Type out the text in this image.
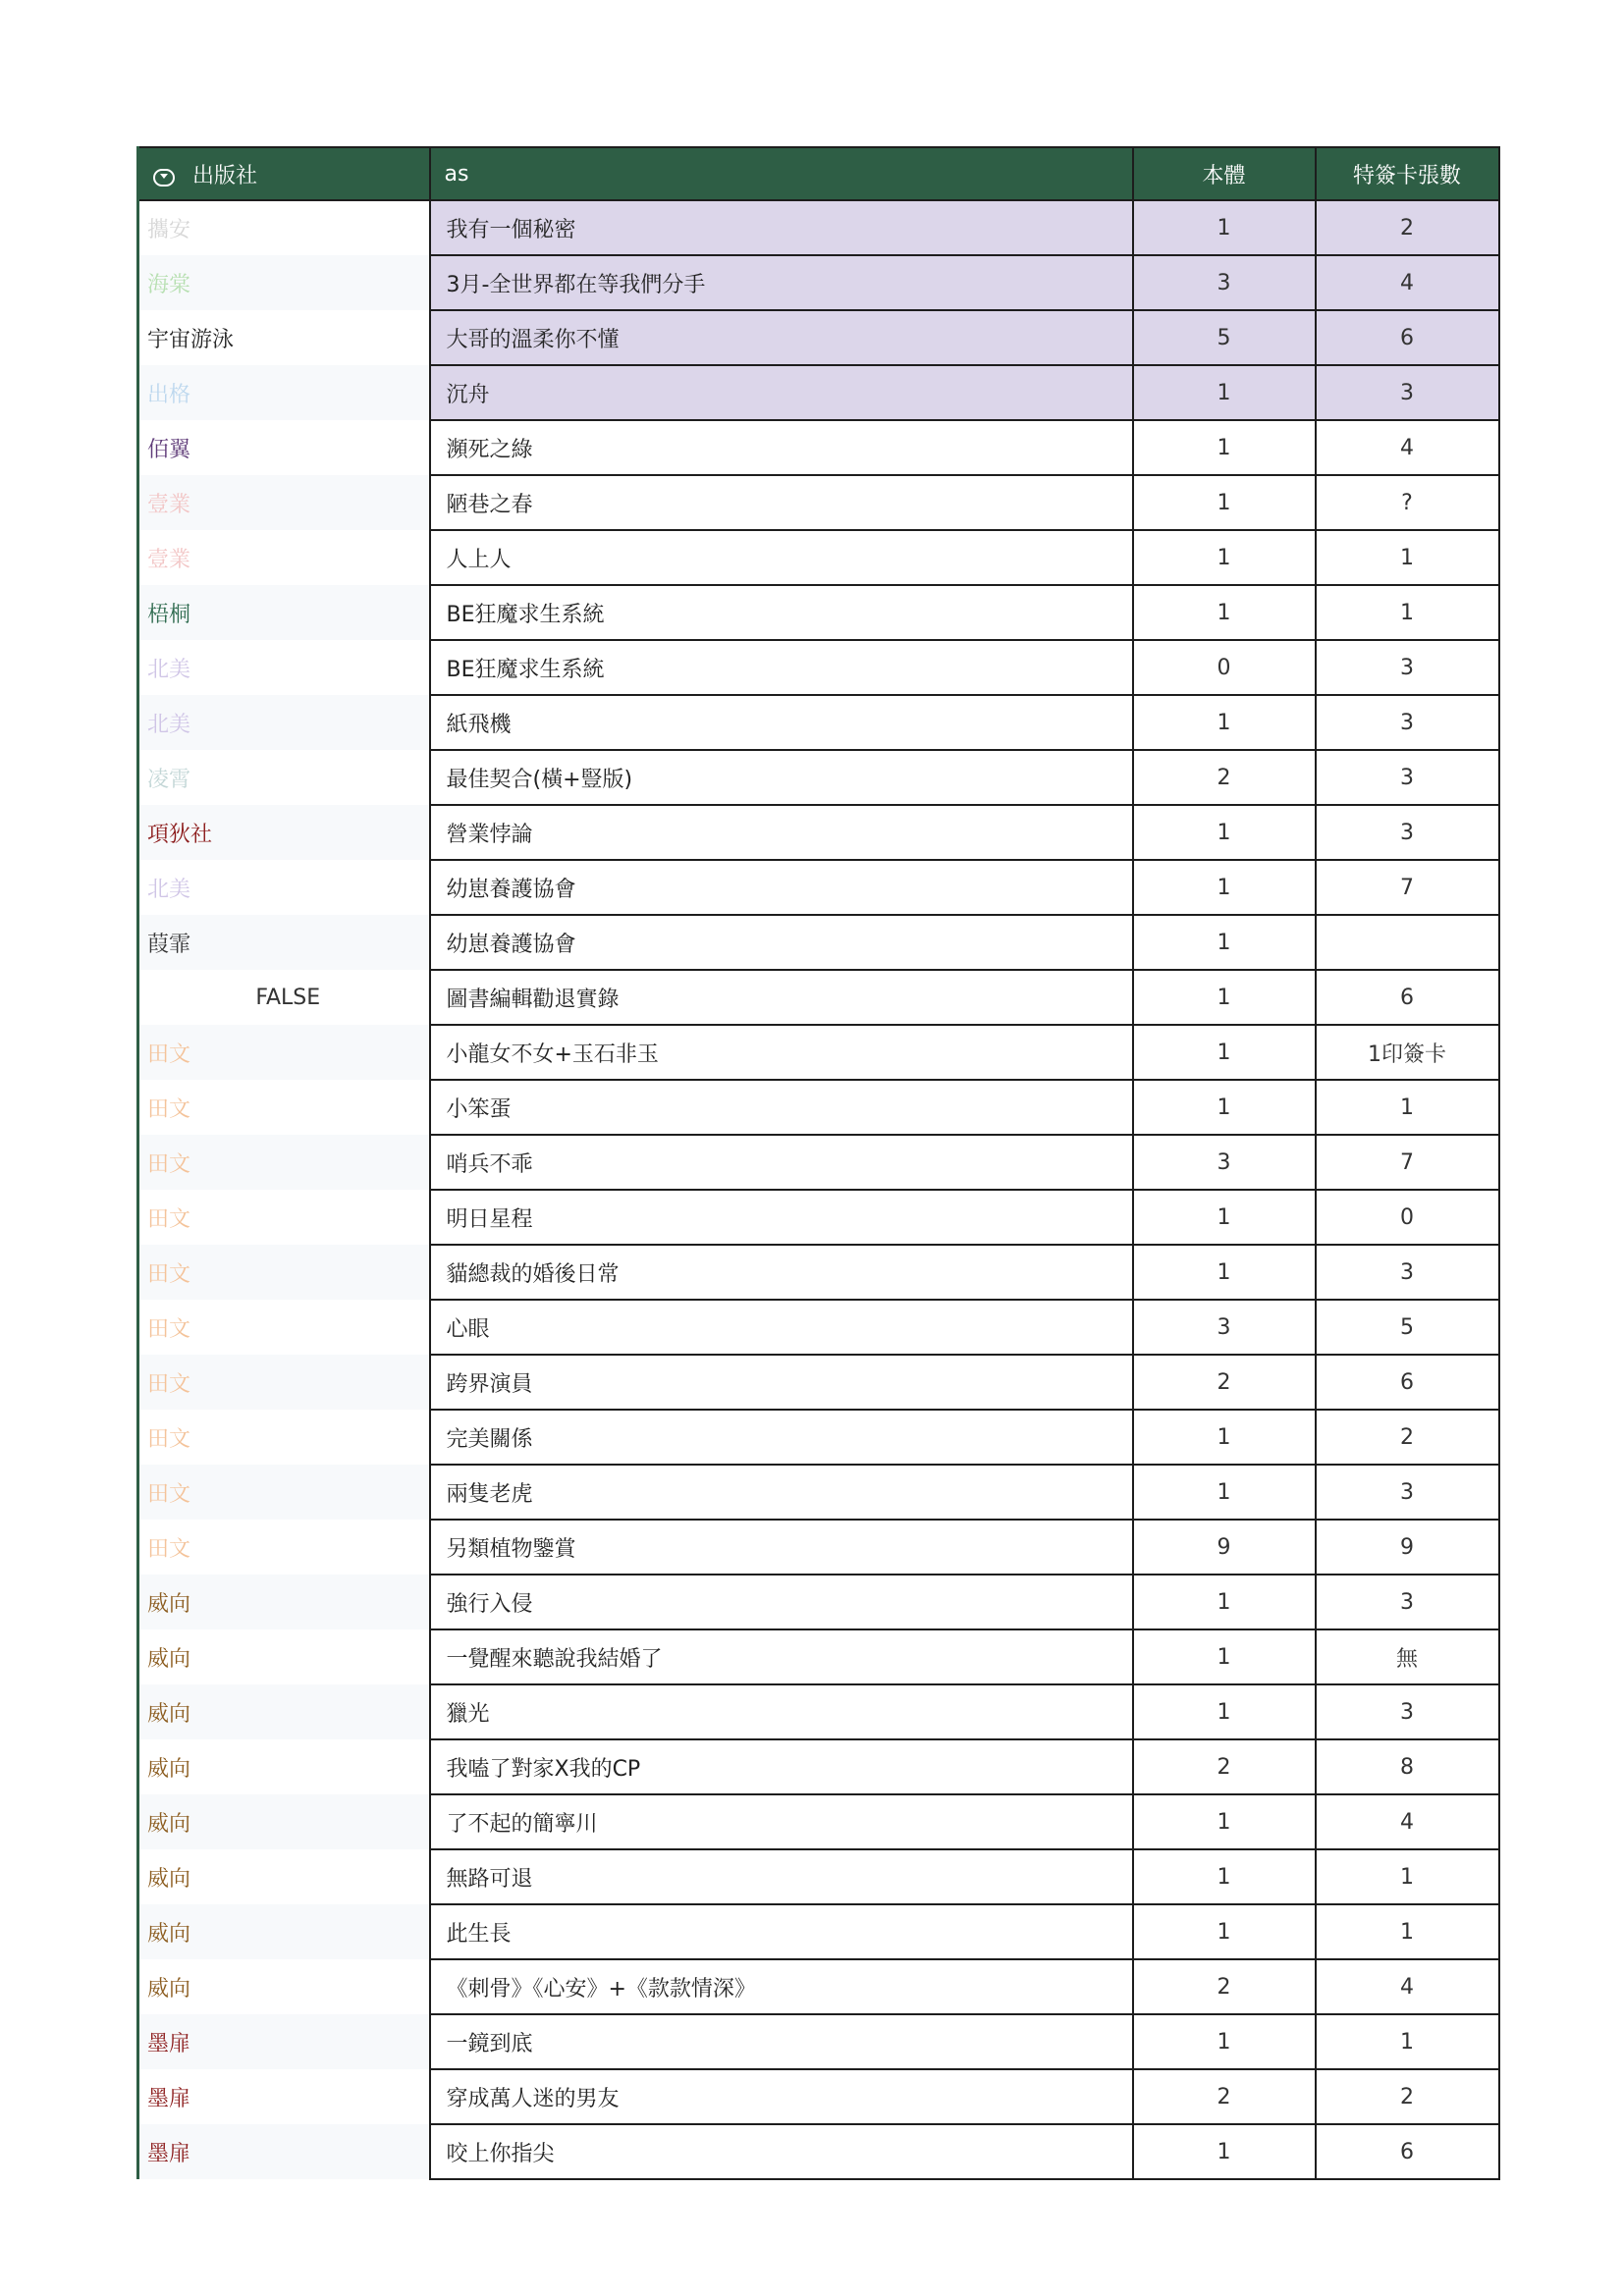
出版社	as	本體	特簽卡張數
攜安	我有一個秘密	1	2
海棠	3月-全世界都在等我們分手	3	4
宇宙游泳	大哥的溫柔你不懂	5	6
出格	沉舟	1	3
佰翼	瀕死之綠	1	4
壹業	陋巷之春	1	?
壹業	人上人	1	1
梧桐	BE狂魔求生系統	1	1
北美	BE狂魔求生系統	0	3
北美	紙飛機	1	3
凌霄	最佳契合(橫+豎版)	2	3
項狄社	營業悖論	1	3
北美	幼崽養護協會	1	7
葭霏	幼崽養護協會	1	
FALSE	圖書編輯勸退實錄	1	6
田文	小龍女不女+玉石非玉	1	1印簽卡
田文	小笨蛋	1	1
田文	哨兵不乖	3	7
田文	明日星程	1	0
田文	貓總裁的婚後日常	1	3
田文	心眼	3	5
田文	跨界演員	2	6
田文	完美關係	1	2
田文	兩隻老虎	1	3
田文	另類植物鑒賞	9	9
威向	強行入侵	1	3
威向	一覺醒來聽說我結婚了	1	無
威向	獵光	1	3
威向	我嗑了對家X我的CP	2	8
威向	了不起的簡寧川	1	4
威向	無路可退	1	1
威向	此生長	1	1
威向	《刺骨》《心安》+《款款情深》	2	4
墨扉	一鏡到底	1	1
墨扉	穿成萬人迷的男友	2	2
墨扉	咬上你指尖	1	6
